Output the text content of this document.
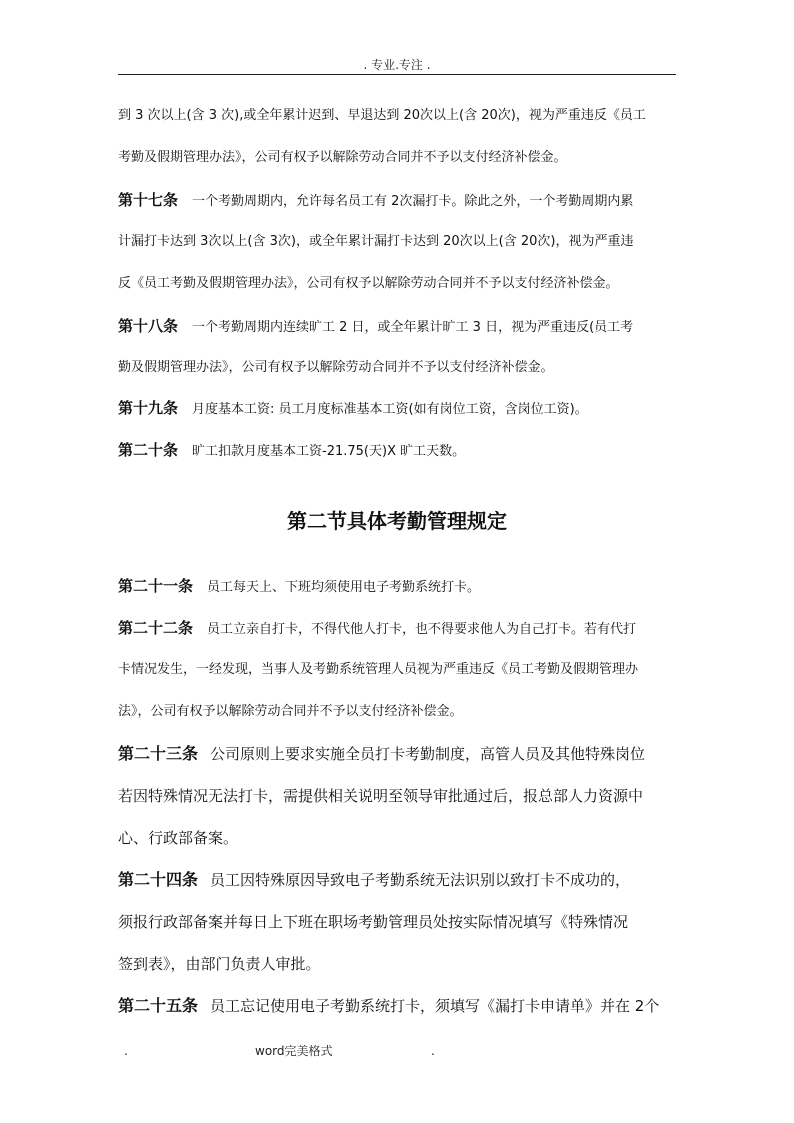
. 专业.专注 .
到 3 次以上(含 3 次),或全年累计迟到、早退达到 20次以上(含 20次)，视为严重违反《员工
考勤及假期管理办法》，公司有权予以解除劳动合同并不予以支付经济补偿金。
第十七条 一个考勤周期内，允许每名员工有 2次漏打卡。除此之外，一个考勤周期内累
计漏打卡达到 3次以上(含 3次)，或全年累计漏打卡达到 20次以上(含 20次)，视为严重违
反《员工考勤及假期管理办法》，公司有权予以解除劳动合同并不予以支付经济补偿金。
第十八条 一个考勤周期内连续旷工 2 日，或全年累计旷工 3 日，视为严重违反(员工考
勤及假期管理办法》，公司有权予以解除劳动合同并不予以支付经济补偿金。
第十九条 月度基本工资: 员工月度标准基本工资(如有岗位工资，含岗位工资)。
第二十条 旷工扣款月度基本工资-21.75(天)X 旷工天数。
第二节具体考勤管理规定
第二十一条 员工每天上、下班均须使用电子考勤系统打卡。
第二十二条 员工立亲自打卡，不得代他人打卡，也不得要求他人为自己打卡。若有代打
卡情况发生，一经发现，当事人及考勤系统管理人员视为严重违反《员工考勤及假期管理办
法》，公司有权予以解除劳动合同并不予以支付经济补偿金。
第二十三条 公司原则上要求实施全员打卡考勤制度，高管人员及其他特殊岗位
若因特殊情况无法打卡，需提供相关说明至领导审批通过后，报总部人力资源中
心、行政部备案。
第二十四条 员工因特殊原因导致电子考勤系统无法识别以致打卡不成功的，
须报行政部备案并每日上下班在职场考勤管理员处按实际情况填写《特殊情况
签到表》，由部门负责人审批。
第二十五条 员工忘记使用电子考勤系统打卡，须填写《漏打卡申请单》并在 2个
.	word完美格式	.
